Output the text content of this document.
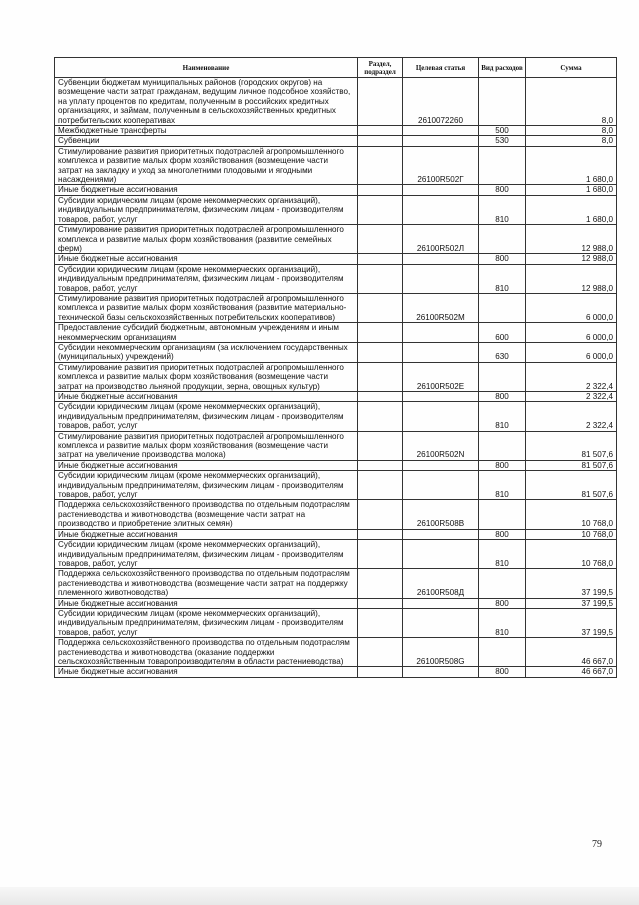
Наименование	Раздел, подраздел	Целевая статья	Вид расходов	Сумма
Субвенции бюджетам муниципальных районов (городских округов) на возмещение части затрат гражданам, ведущим личное подсобное хозяйство, на уплату процентов по кредитам, полученным в российских кредитных организациях, и займам, полученным в сельскохозяйственных кредитных потребительских кооперативах		2610072260		8,0
Межбюджетные трансферты			500	8,0
Субвенции			530	8,0
Стимулирование развития приоритетных подотраслей агропромышленного комплекса и развитие малых форм хозяйствования (возмещение части затрат на закладку и уход за многолетними плодовыми и ягодными насаждениями)		26100R502Г		1 680,0
Иные бюджетные ассигнования			800	1 680,0
Субсидии юридическим лицам (кроме некоммерческих организаций), индивидуальным предпринимателям, физическим лицам - производителям товаров, работ, услуг			810	1 680,0
Стимулирование развития приоритетных подотраслей агропромышленного комплекса и развитие малых форм хозяйствования (развитие семейных ферм)		26100R502Л		12 988,0
Иные бюджетные ассигнования			800	12 988,0
Субсидии юридическим лицам (кроме некоммерческих организаций), индивидуальным предпринимателям, физическим лицам - производителям товаров, работ, услуг			810	12 988,0
Стимулирование развития приоритетных подотраслей агропромышленного комплекса и развитие малых форм хозяйствования (развитие материально-технической базы сельскохозяйственных потребительских кооперативов)		26100R502М		6 000,0
Предоставление субсидий бюджетным, автономным учреждениям и иным некоммерческим организациям			600	6 000,0
Субсидии некоммерческим организациям (за исключением государственных (муниципальных) учреждений)			630	6 000,0
Стимулирование развития приоритетных подотраслей агропромышленного комплекса и развитие малых форм хозяйствования (возмещение части затрат на производство льняной продукции, зерна, овощных культур)		26100R502Е		2 322,4
Иные бюджетные ассигнования			800	2 322,4
Субсидии юридическим лицам (кроме некоммерческих организаций), индивидуальным предпринимателям, физическим лицам - производителям товаров, работ, услуг			810	2 322,4
Стимулирование развития приоритетных подотраслей агропромышленного комплекса и развитие малых форм хозяйствования (возмещение части затрат на увеличение производства молока)		26100R502N		81 507,6
Иные бюджетные ассигнования			800	81 507,6
Субсидии юридическим лицам (кроме некоммерческих организаций), индивидуальным предпринимателям, физическим лицам - производителям товаров, работ, услуг			810	81 507,6
Поддержка сельскохозяйственного производства по отдельным подотраслям растениеводства и животноводства (возмещение части затрат на производство и приобретение элитных семян)		26100R508В		10 768,0
Иные бюджетные ассигнования			800	10 768,0
Субсидии юридическим лицам (кроме некоммерческих организаций), индивидуальным предпринимателям, физическим лицам - производителям товаров, работ, услуг			810	10 768,0
Поддержка сельскохозяйственного производства по отдельным подотраслям растениеводства и животноводства (возмещение части затрат на поддержку племенного животноводства)		26100R508Д		37 199,5
Иные бюджетные ассигнования			800	37 199,5
Субсидии юридическим лицам (кроме некоммерческих организаций), индивидуальным предпринимателям, физическим лицам - производителям товаров, работ, услуг			810	37 199,5
Поддержка сельскохозяйственного производства по отдельным подотраслям растениеводства и животноводства (оказание поддержки сельскохозяйственным товаропроизводителям в области растениеводства)		26100R508G		46 667,0
Иные бюджетные ассигнования			800	46 667,0
79
